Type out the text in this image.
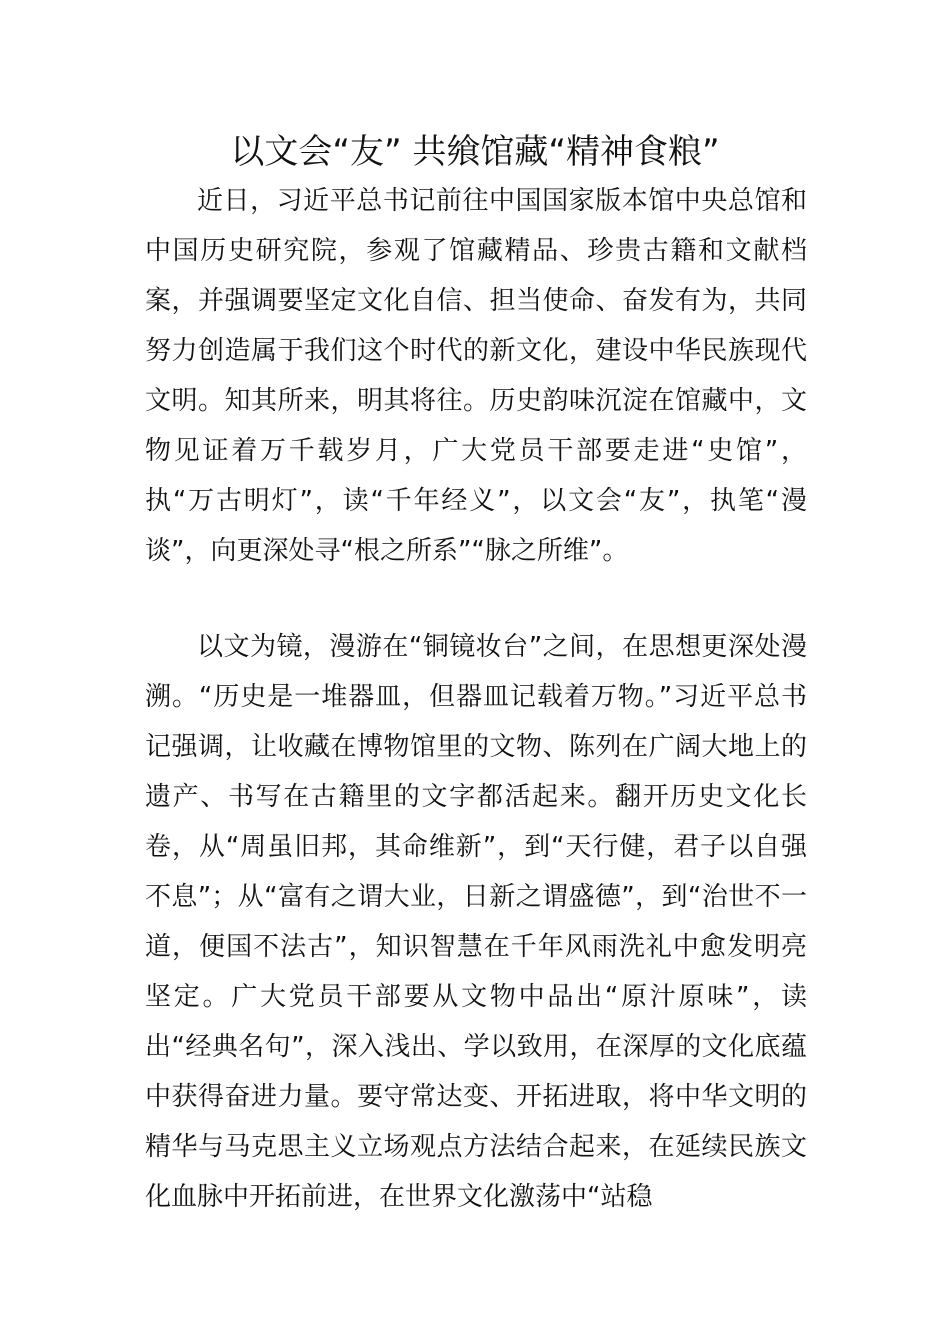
以文会“友” 共飨馆藏“精神食粮”

近日，习近平总书记前往中国国家版本馆中央总馆和中国历史研究院，参观了馆藏精品、珍贵古籍和文献档案，并强调要坚定文化自信、担当使命、奋发有为，共同努力创造属于我们这个时代的新文化，建设中华民族现代文明。知其所来，明其将往。历史韵味沉淀在馆藏中，文物见证着万千载岁月，广大党员干部要走进“史馆”，执“万古明灯”，读“千年经义”，以文会“友”，执笔“漫谈”，向更深处寻“根之所系”“脉之所维”。

以文为镜，漫游在“铜镜妆台”之间，在思想更深处漫溯。“历史是一堆器皿，但器皿记载着万物。”习近平总书记强调，让收藏在博物馆里的文物、陈列在广阔大地上的遗产、书写在古籍里的文字都活起来。翻开历史文化长卷，从“周虽旧邦，其命维新”，到“天行健，君子以自强不息”；从“富有之谓大业，日新之谓盛德”，到“治世不一道，便国不法古”，知识智慧在千年风雨洗礼中愈发明亮坚定。广大党员干部要从文物中品出“原汁原味”，读出“经典名句”，深入浅出、学以致用，在深厚的文化底蕴中获得奋进力量。要守常达变、开拓进取，将中华文明的精华与马克思主义立场观点方法结合起来，在延续民族文化血脉中开拓前进，在世界文化激荡中“站稳
